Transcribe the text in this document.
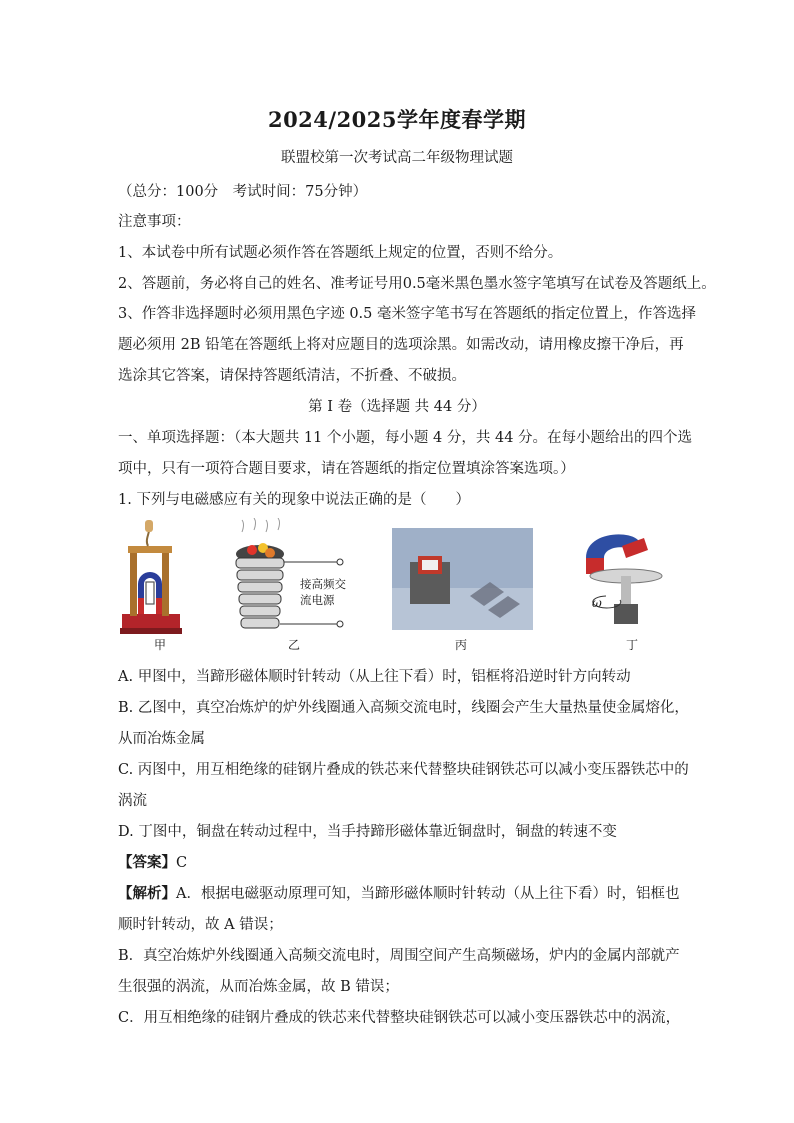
2024/2025学年度春学期
联盟校第一次考试高二年级物理试题
（总分：100分　考试时间：75分钟）
注意事项：
1、本试卷中所有试题必须作答在答题纸上规定的位置，否则不给分。
2、答题前，务必将自己的姓名、准考证号用0.5毫米黑色墨水签字笔填写在试卷及答题纸上。
3、作答非选择题时必须用黑色字迹 0.5 毫米签字笔书写在答题纸的指定位置上，作答选择
题必须用 2B 铅笔在答题纸上将对应题目的选项涂黑。如需改动，请用橡皮擦干净后，再
选涂其它答案，请保持答题纸清洁，不折叠、不破损。
第 I 卷（选择题 共 44 分）
一、单项选择题：（本大题共 11 个小题，每小题 4 分，共 44 分。在每小题给出的四个选
项中，只有一项符合题目要求，请在答题纸的指定位置填涂答案选项。）
1. 下列与电磁感应有关的现象中说法正确的是（　　）
接高频交
流电源	ω
甲	乙	丙	丁
A. 甲图中，当蹄形磁体顺时针转动（从上往下看）时，铝框将沿逆时针方向转动
B. 乙图中，真空冶炼炉的炉外线圈通入高频交流电时，线圈会产生大量热量使金属熔化，
从而冶炼金属
C. 丙图中，用互相绝缘的硅钢片叠成的铁芯来代替整块硅钢铁芯可以减小变压器铁芯中的
涡流
D. 丁图中，铜盘在转动过程中，当手持蹄形磁体靠近铜盘时，铜盘的转速不变
【答案】C
【解析】A．根据电磁驱动原理可知，当蹄形磁体顺时针转动（从上往下看）时，铝框也
顺时针转动，故 A 错误；
B．真空冶炼炉外线圈通入高频交流电时，周围空间产生高频磁场，炉内的金属内部就产
生很强的涡流，从而冶炼金属，故 B 错误；
C．用互相绝缘的硅钢片叠成的铁芯来代替整块硅钢铁芯可以减小变压器铁芯中的涡流，
